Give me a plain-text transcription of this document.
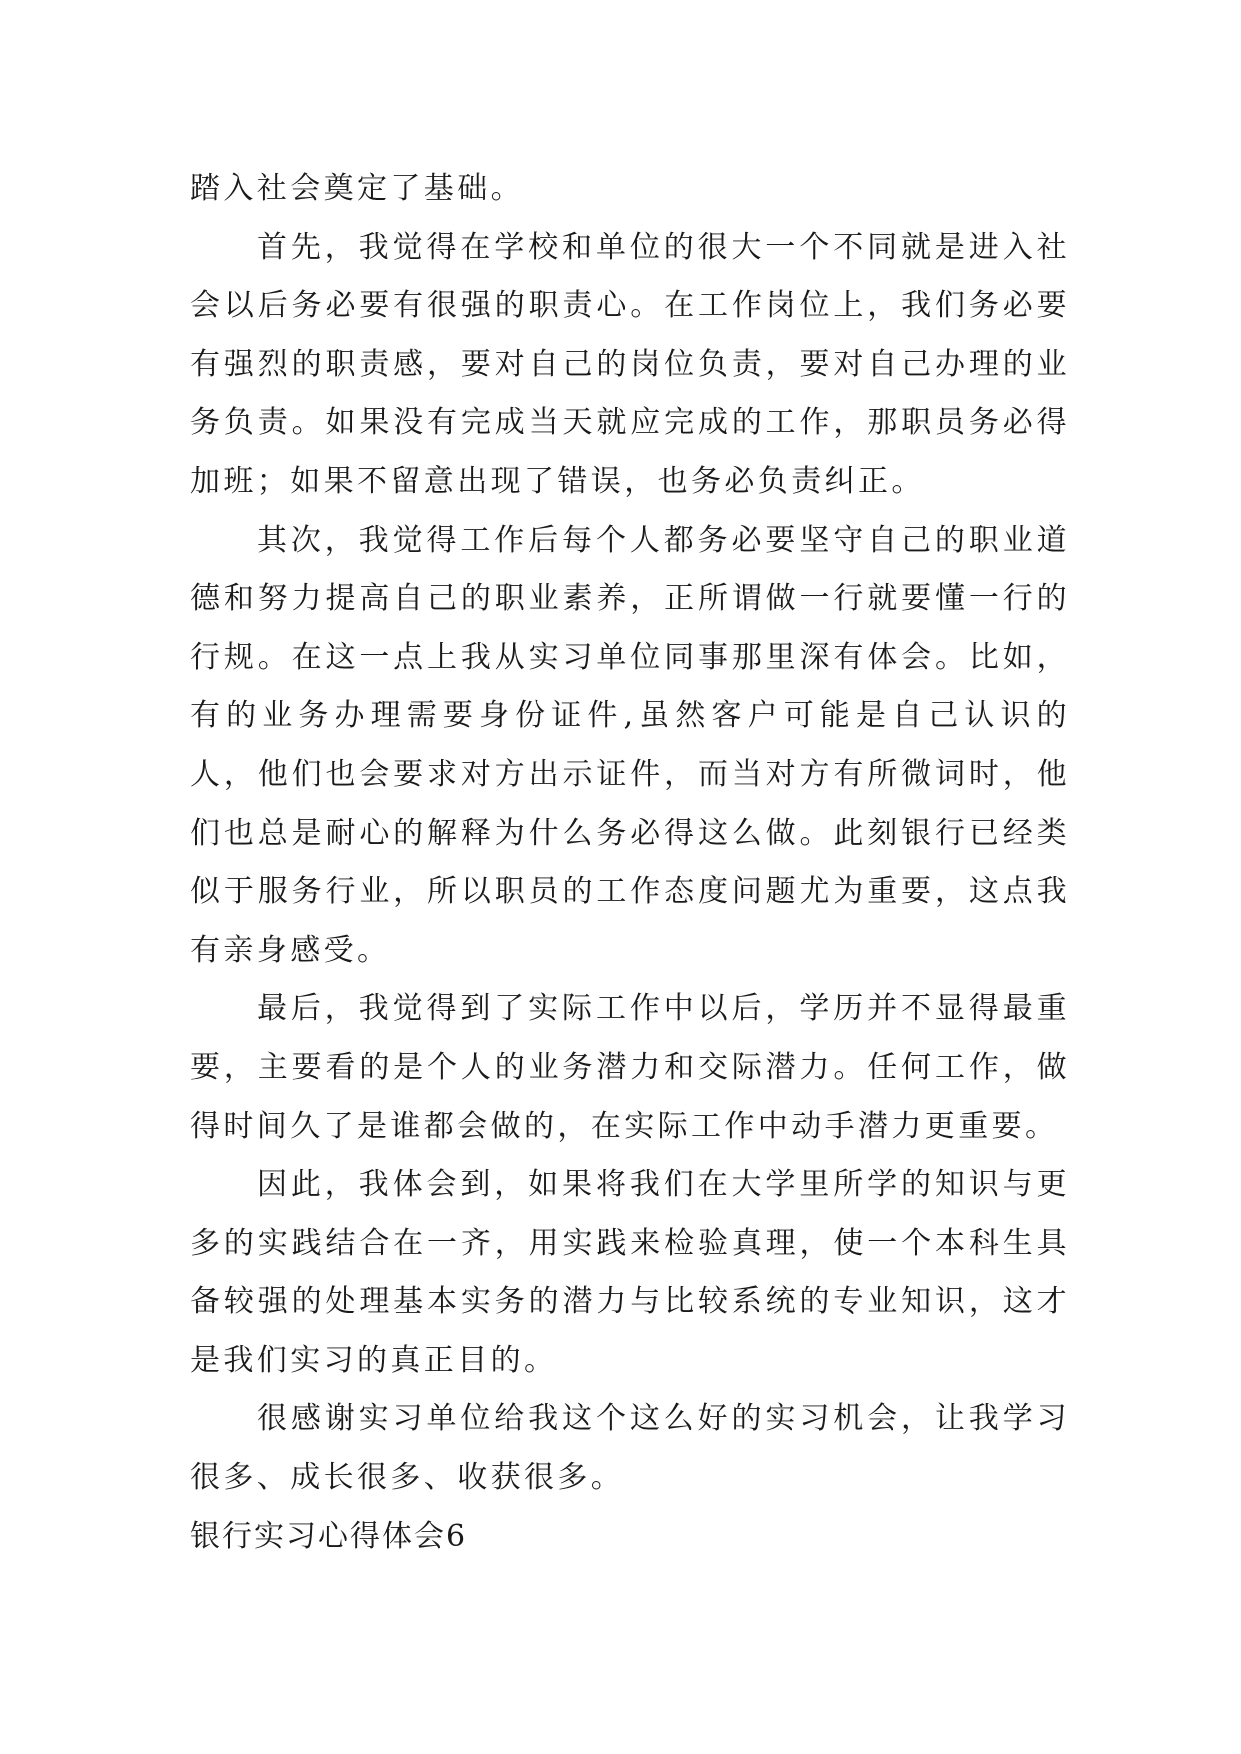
踏入社会奠定了基础。

首先，我觉得在学校和单位的很大一个不同就是进入社会以后务必要有很强的职责心。在工作岗位上，我们务必要有强烈的职责感，要对自己的岗位负责，要对自己办理的业务负责。如果没有完成当天就应完成的工作，那职员务必得加班；如果不留意出现了错误，也务必负责纠正。

其次，我觉得工作后每个人都务必要坚守自己的职业道德和努力提高自己的职业素养，正所谓做一行就要懂一行的行规。在这一点上我从实习单位同事那里深有体会。比如，有的业务办理需要身份证件,虽然客户可能是自己认识的人，他们也会要求对方出示证件，而当对方有所微词时，他们也总是耐心的解释为什么务必得这么做。此刻银行已经类似于服务行业，所以职员的工作态度问题尤为重要，这点我有亲身感受。

最后，我觉得到了实际工作中以后，学历并不显得最重要，主要看的是个人的业务潜力和交际潜力。任何工作，做得时间久了是谁都会做的，在实际工作中动手潜力更重要。

因此，我体会到，如果将我们在大学里所学的知识与更多的实践结合在一齐，用实践来检验真理，使一个本科生具备较强的处理基本实务的潜力与比较系统的专业知识，这才是我们实习的真正目的。

很感谢实习单位给我这个这么好的实习机会，让我学习很多、成长很多、收获很多。

银行实习心得体会6
